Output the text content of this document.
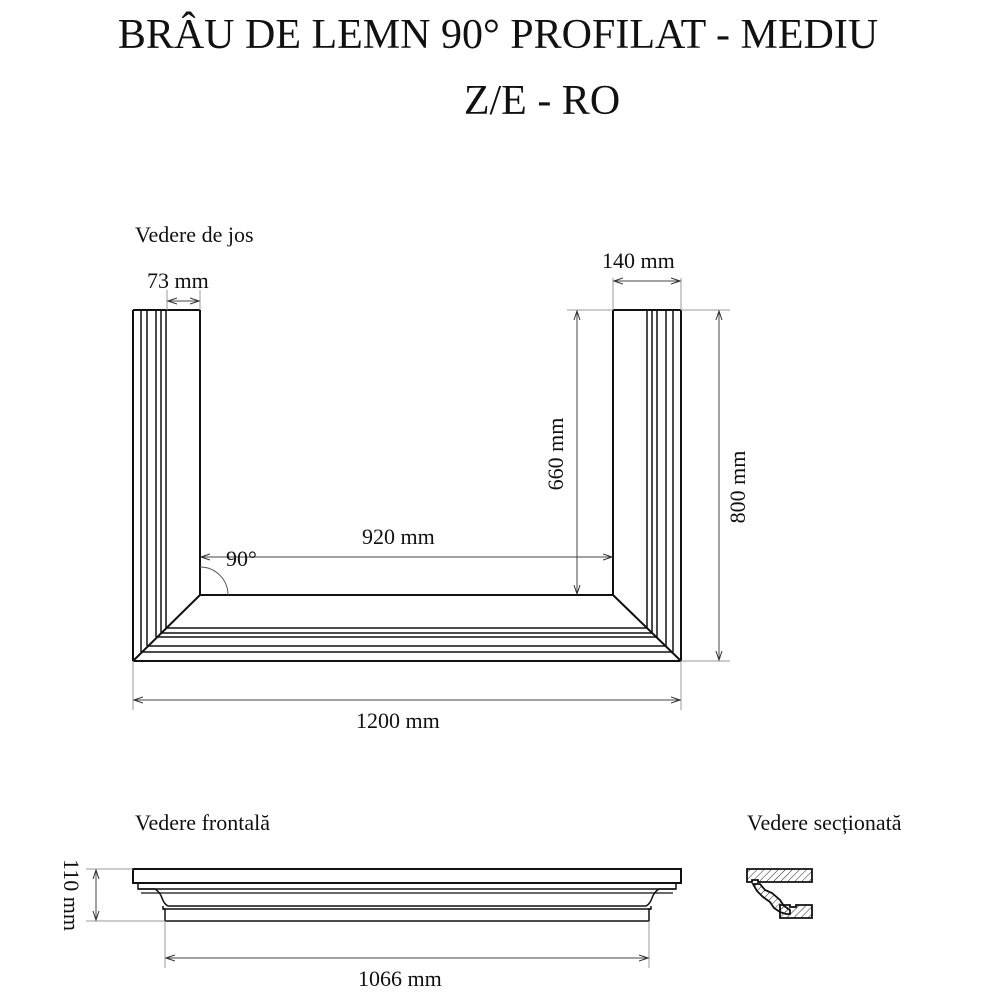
BRÂU DE LEMN 90° PROFILAT - MEDIU
Z/E - RO
Vedere de jos
73 mm
140 mm
920 mm
90°
660 mm	800 mm
1200 mm
Vedere frontală
110 mm
1066 mm
Vedere secționată
